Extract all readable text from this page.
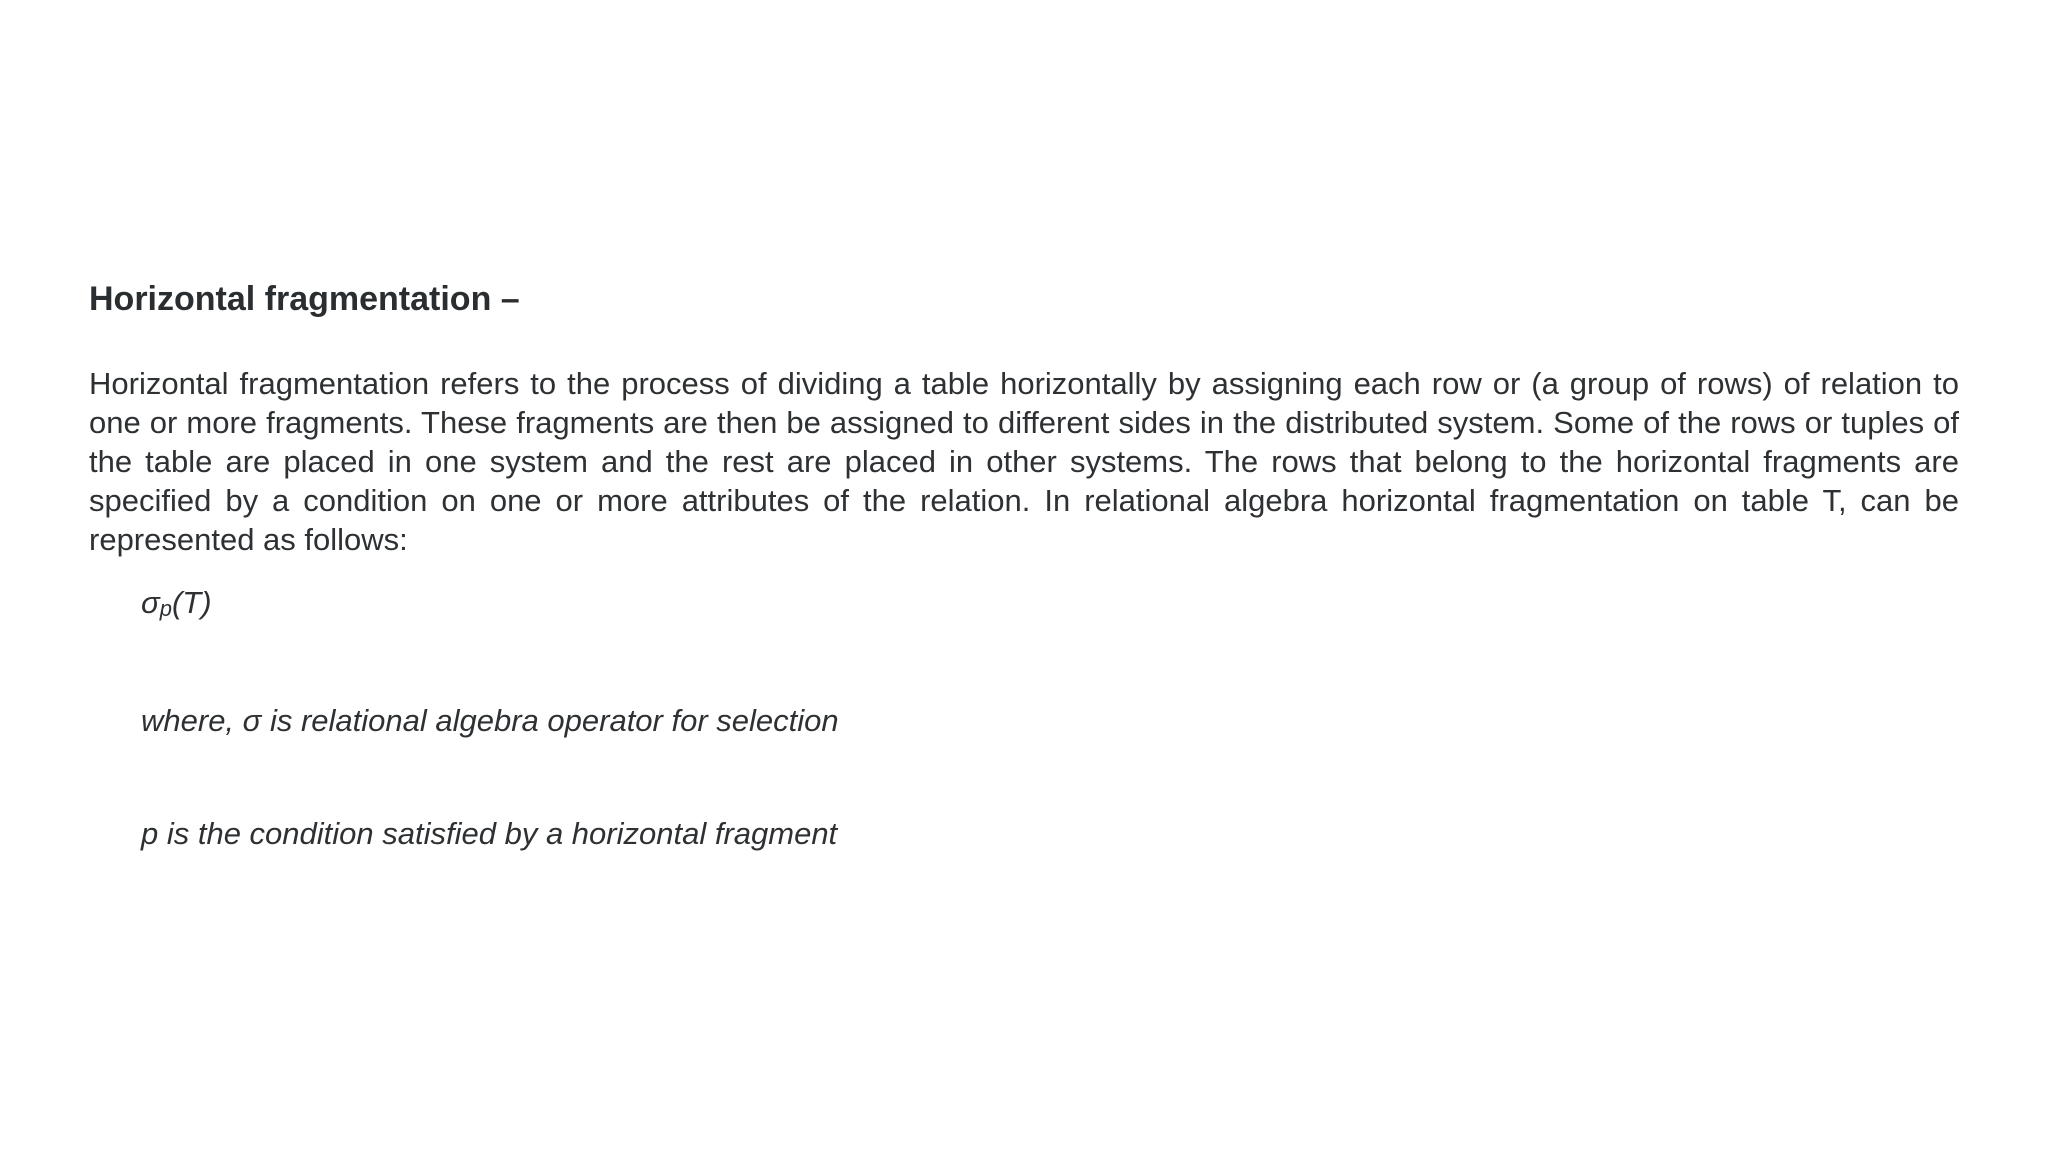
Horizontal fragmentation –

Horizontal fragmentation refers to the process of dividing a table horizontally by assigning each row or (a group of rows) of relation to one or more fragments. These fragments are then be assigned to different sides in the distributed system. Some of the rows or tuples of the table are placed in one system and the rest are placed in other systems. The rows that belong to the horizontal fragments are specified by a condition on one or more attributes of the relation. In relational algebra horizontal fragmentation on table T, can be represented as follows:

σp(T)

where, σ is relational algebra operator for selection

p is the condition satisfied by a horizontal fragment
